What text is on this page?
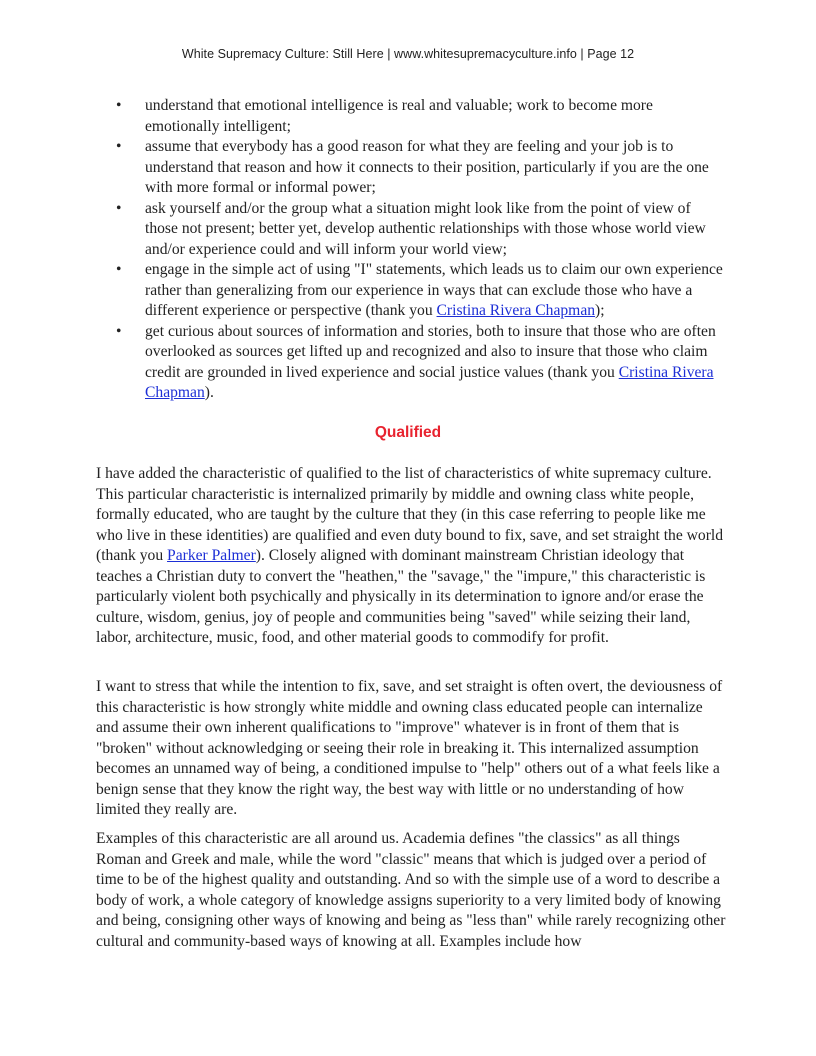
White Supremacy Culture: Still Here | www.whitesupremacyculture.info | Page 12
• understand that emotional intelligence is real and valuable; work to become more emotionally intelligent;
• assume that everybody has a good reason for what they are feeling and your job is to understand that reason and how it connects to their position, particularly if you are the one with more formal or informal power;
• ask yourself and/or the group what a situation might look like from the point of view of those not present; better yet, develop authentic relationships with those whose world view and/or experience could and will inform your world view;
• engage in the simple act of using "I" statements, which leads us to claim our own experience rather than generalizing from our experience in ways that can exclude those who have a different experience or perspective (thank you Cristina Rivera Chapman);
• get curious about sources of information and stories, both to insure that those who are often overlooked as sources get lifted up and recognized and also to insure that those who claim credit are grounded in lived experience and social justice values (thank you Cristina Rivera Chapman).
Qualified

I have added the characteristic of qualified to the list of characteristics of white supremacy culture. This particular characteristic is internalized primarily by middle and owning class white people, formally educated, who are taught by the culture that they (in this case referring to people like me who live in these identities) are qualified and even duty bound to fix, save, and set straight the world (thank you Parker Palmer). Closely aligned with dominant mainstream Christian ideology that teaches a Christian duty to convert the "heathen," the "savage," the "impure," this characteristic is particularly violent both psychically and physically in its determination to ignore and/or erase the culture, wisdom, genius, joy of people and communities being "saved" while seizing their land, labor, architecture, music, food, and other material goods to commodify for profit.

I want to stress that while the intention to fix, save, and set straight is often overt, the deviousness of this characteristic is how strongly white middle and owning class educated people can internalize and assume their own inherent qualifications to "improve" whatever is in front of them that is "broken" without acknowledging or seeing their role in breaking it. This internalized assumption becomes an unnamed way of being, a conditioned impulse to "help" others out of a what feels like a benign sense that they know the right way, the best way with little or no understanding of how limited they really are.

Examples of this characteristic are all around us. Academia defines "the classics" as all things Roman and Greek and male, while the word "classic" means that which is judged over a period of time to be of the highest quality and outstanding. And so with the simple use of a word to describe a body of work, a whole category of knowledge assigns superiority to a very limited body of knowing and being, consigning other ways of knowing and being as "less than" while rarely recognizing other cultural and community-based ways of knowing at all. Examples include how
